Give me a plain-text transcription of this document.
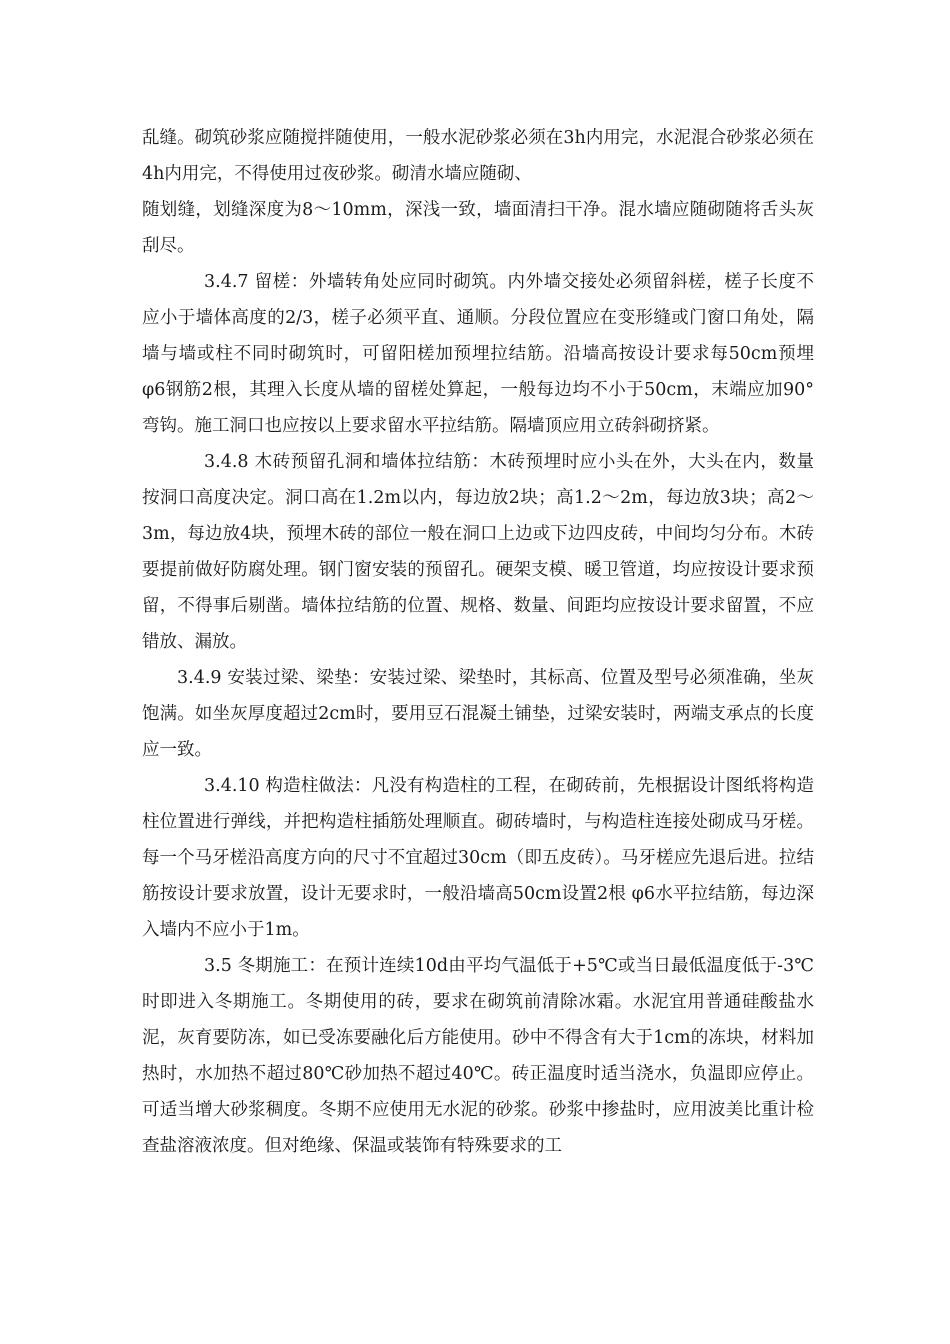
乱缝。砌筑砂浆应随搅拌随使用，一般水泥砂浆必须在3h内用完，水泥混合砂浆必须在4h内用完，不得使用过夜砂浆。砌清水墙应随砌、

随划缝，划缝深度为8～10mm，深浅一致，墙面清扫干净。混水墙应随砌随将舌头灰刮尽。

3.4.7 留槎：外墙转角处应同时砌筑。内外墙交接处必须留斜槎，槎子长度不应小于墙体高度的2/3，槎子必须平直、通顺。分段位置应在变形缝或门窗口角处，隔墙与墙或柱不同时砌筑时，可留阳槎加预埋拉结筋。沿墙高按设计要求每50cm预埋 φ6钢筋2根，其理入长度从墙的留槎处算起，一般每边均不小于50cm，末端应加90° 弯钩。施工洞口也应按以上要求留水平拉结筋。隔墙顶应用立砖斜砌挤紧。

3.4.8 木砖预留孔洞和墙体拉结筋：木砖预埋时应小头在外，大头在内，数量按洞口高度决定。洞口高在1.2m以内，每边放2块；高1.2～2m，每边放3块；高2～3m，每边放4块，预埋木砖的部位一般在洞口上边或下边四皮砖，中间均匀分布。木砖要提前做好防腐处理。钢门窗安装的预留孔。硬架支模、暖卫管道，均应按设计要求预留，不得事后剔凿。墙体拉结筋的位置、规格、数量、间距均应按设计要求留置，不应错放、漏放。

3.4.9 安装过梁、梁垫：安装过梁、梁垫时，其标高、位置及型号必须准确，坐灰饱满。如坐灰厚度超过2cm时，要用豆石混凝土铺垫，过梁安装时，两端支承点的长度应一致。

3.4.10 构造柱做法：凡没有构造柱的工程，在砌砖前，先根据设计图纸将构造柱位置进行弹线，并把构造柱插筋处理顺直。砌砖墙时，与构造柱连接处砌成马牙槎。每一个马牙槎沿高度方向的尺寸不宜超过30cm（即五皮砖）。马牙槎应先退后进。拉结筋按设计要求放置，设计无要求时，一般沿墙高50cm设置2根 φ6水平拉结筋，每边深入墙内不应小于1m。

3.5 冬期施工：在预计连续10d由平均气温低于+5℃或当日最低温度低于-3℃时即进入冬期施工。冬期使用的砖，要求在砌筑前清除冰霜。水泥宜用普通硅酸盐水泥，灰育要防冻，如已受冻要融化后方能使用。砂中不得含有大于1cm的冻块，材料加热时，水加热不超过80℃砂加热不超过40℃。砖正温度时适当浇水，负温即应停止。可适当增大砂浆稠度。冬期不应使用无水泥的砂浆。砂浆中掺盐时，应用波美比重计检查盐溶液浓度。但对绝缘、保温或装饰有特殊要求的工
